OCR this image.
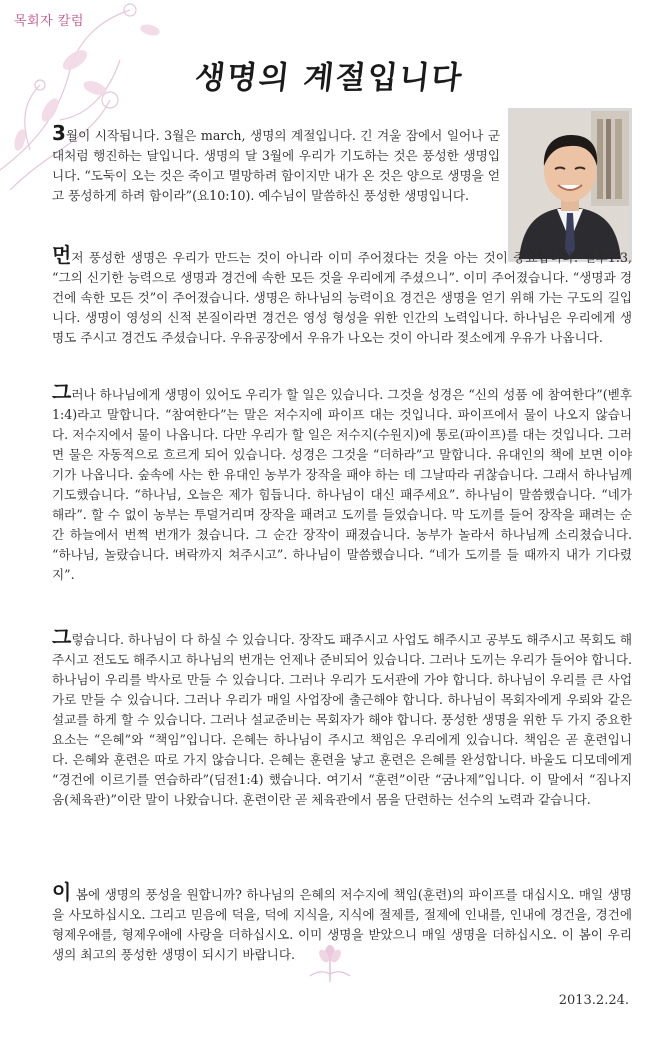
목회자 칼럼
생명의 계절입니다

3월이 시작됩니다. 3월은 march, 생명의 계절입니다. 긴 겨울 잠에서 일어나 군대처럼 행진하는 달입니다. 생명의 달 3월에 우리가 기도하는 것은 풍성한 생명입니다. “도둑이 오는 것은 죽이고 멸망하려 함이지만 내가 온 것은 양으로 생명을 얻고 풍성하게 하려 함이라”(요10:10). 예수님이 말씀하신 풍성한 생명입니다.

먼저 풍성한 생명은 우리가 만드는 것이 아니라 이미 주어졌다는 것을 아는 것이 중요합니다. 벧후1:3, “그의 신기한 능력으로 생명과 경건에 속한 모든 것을 우리에게 주셨으니”. 이미 주어졌습니다. “생명과 경건에 속한 모든 것”이 주어졌습니다. 생명은 하나님의 능력이요 경건은 생명을 얻기 위해 가는 구도의 길입니다. 생명이 영성의 신적 본질이라면 경건은 영성 형성을 위한 인간의 노력입니다. 하나님은 우리에게 생명도 주시고 경건도 주셨습니다. 우유공장에서 우유가 나오는 것이 아니라 젖소에게 우유가 나옵니다.

그러나 하나님에게 생명이 있어도 우리가 할 일은 있습니다. 그것을 성경은 “신의 성품 에 참여한다”(벧후1:4)라고 말합니다. “참여한다”는 말은 저수지에 파이프 대는 것입니다. 파이프에서 물이 나오지 않습니다. 저수지에서 물이 나옵니다. 다만 우리가 할 일은 저수지(수원지)에 통로(파이프)를 대는 것입니다. 그러면 물은 자동적으로 흐르게 되어 있습니다. 성경은 그것을 “더하라”고 말합니다. 유대인의 책에 보면 이야기가 나옵니다. 숲속에 사는 한 유대인 농부가 장작을 패야 하는 데 그날따라 귀찮습니다. 그래서 하나님께 기도했습니다. “하나님, 오늘은 제가 힘듭니다. 하나님이 대신 패주세요”. 하나님이 말씀했습니다. “네가 해라”. 할 수 없이 농부는 투덜거리며 장작을 패려고 도끼를 들었습니다. 막 도끼를 들어 장작을 패려는 순간 하늘에서 번쩍 번개가 쳤습니다. 그 순간 장작이 패졌습니다. 농부가 놀라서 하나님께 소리쳤습니다. “하나님, 놀랐습니다. 벼락까지 쳐주시고”. 하나님이 말씀했습니다. “네가 도끼를 들 때까지 내가 기다렸지”.

그렇습니다. 하나님이 다 하실 수 있습니다. 장작도 패주시고 사업도 해주시고 공부도 해주시고 목회도 해주시고 전도도 해주시고 하나님의 번개는 언제나 준비되어 있습니다. 그러나 도끼는 우리가 들어야 합니다. 하나님이 우리를 박사로 만들 수 있습니다. 그러나 우리가 도서관에 가야 합니다. 하나님이 우리를 큰 사업가로 만들 수 있습니다. 그러나 우리가 매일 사업장에 출근해야 합니다. 하나님이 목회자에게 우뢰와 같은 설교를 하게 할 수 있습니다. 그러나 설교준비는 목회자가 해야 합니다. 풍성한 생명을 위한 두 가지 중요한 요소는 “은혜”와 “책임”입니다. 은혜는 하나님이 주시고 책임은 우리에게 있습니다. 책임은 곧 훈련입니다. 은혜와 훈련은 따로 가지 않습니다. 은혜는 훈련을 낳고 훈련은 은혜를 완성합니다. 바울도 디모데에게 “경건에 이르기를 연습하라”(딤전1:4) 했습니다. 여기서 “훈련”이란 “굼나제”입니다. 이 말에서 “짐나지움(체육관)”이란 말이 나왔습니다. 훈련이란 곧 체육관에서 몸을 단련하는 선수의 노력과 같습니다.

이 봄에 생명의 풍성을 원합니까? 하나님의 은혜의 저수지에 책임(훈련)의 파이프를 대십시오. 매일 생명을 사모하십시오. 그리고 믿음에 덕을, 덕에 지식을, 지식에 절제를, 절제에 인내를, 인내에 경건을, 경건에 형제우애를, 형제우애에 사랑을 더하십시오. 이미 생명을 받았으니 매일 생명을 더하십시오. 이 봄이 우리 생의 최고의 풍성한 생명이 되시기 바랍니다.

2013.2.24.
